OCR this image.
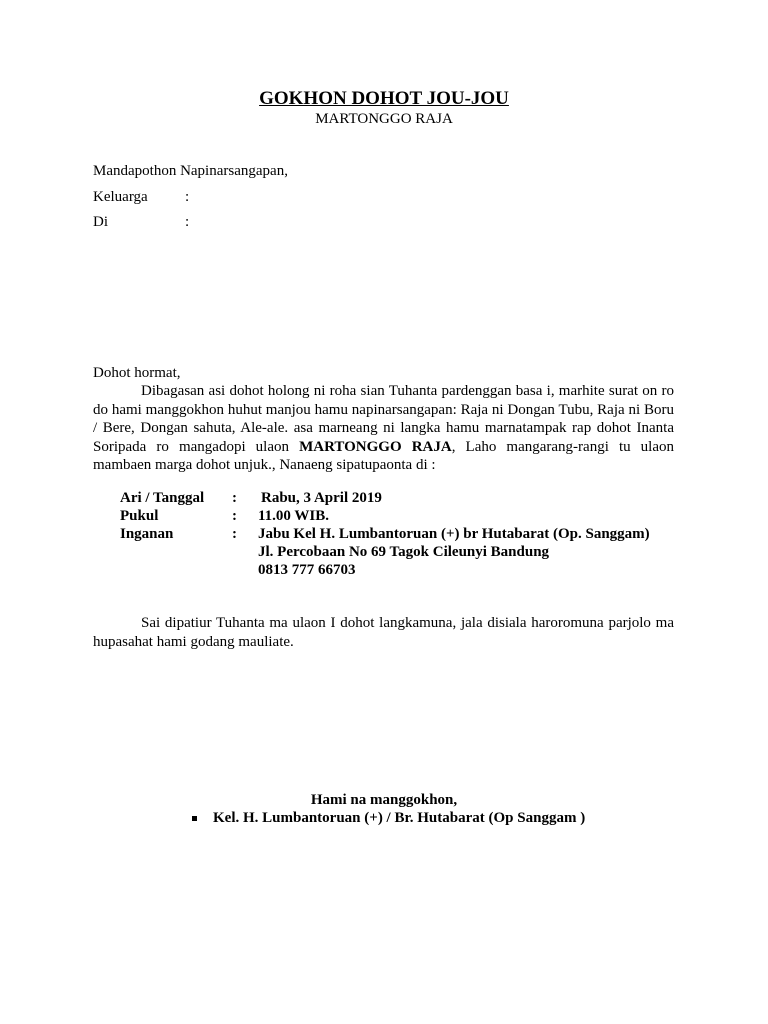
GOKHON DOHOT JOU-JOU
MARTONGGO RAJA
Mandapothon Napinarsangapan,
Keluarga :
Di	:
Dohot hormat,
Dibagasan asi dohot holong ni roha sian Tuhanta pardenggan basa i, marhite surat on ro do hami manggokhon huhut manjou hamu napinarsangapan: Raja ni Dongan Tubu, Raja ni Boru / Bere, Dongan sahuta, Ale-ale. asa marneang ni langka hamu marnatampak rap dohot Inanta Soripada ro mangadopi ulaon MARTONGGO RAJA, Laho mangarang-rangi tu ulaon mambaen marga dohot unjuk., Nanaeng sipatupaonta di :
Ari / Tanggal	:	Rabu, 3 April 2019
Pukul	:	11.00 WIB.
Inganan	:	Jabu Kel H. Lumbantoruan (+) br Hutabarat (Op. Sanggam)
Jl. Percobaan No 69 Tagok Cileunyi Bandung
0813 777 66703
Sai dipatiur Tuhanta ma ulaon I dohot langkamuna, jala disiala haroromuna parjolo ma hupasahat hami godang mauliate.
Hami na manggokhon,
Kel. H. Lumbantoruan (+) / Br. Hutabarat (Op Sanggam )
